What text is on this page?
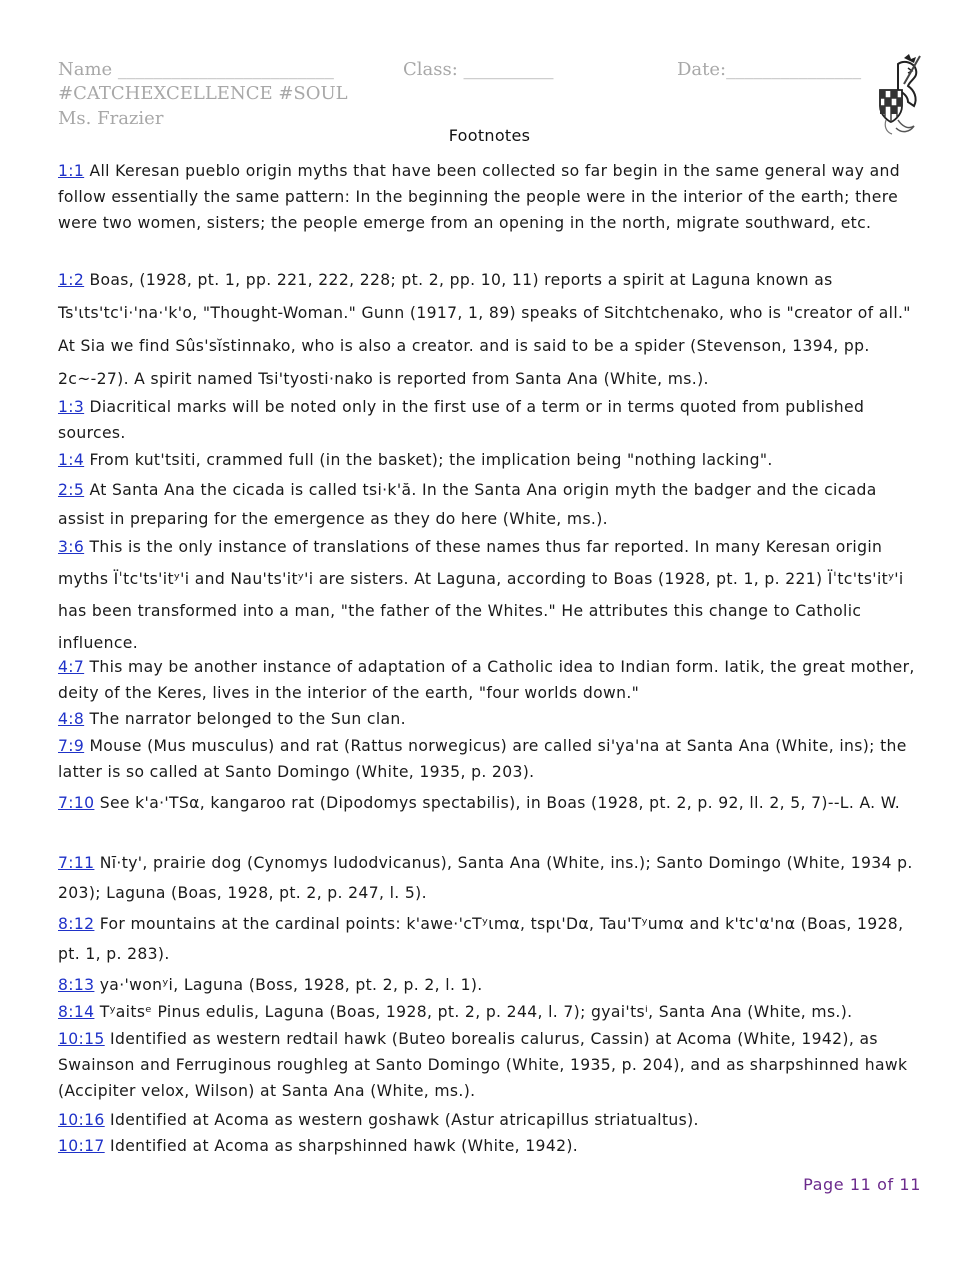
Name ________________________	Class: __________	Date:_______________
#CATCHEXCELLENCE #SOUL
Ms. Frazier
Footnotes
1:1 All Keresan pueblo origin myths that have been collected so far begin in the same general way and follow essentially the same pattern: In the beginning the people were in the interior of the earth; there were two women, sisters; the people emerge from an opening in the north, migrate southward, etc.
1:2 Boas, (1928, pt. 1, pp. 221, 222, 228; pt. 2, pp. 10, 11) reports a spirit at Laguna known as Ts'ɩts'tc'i·'na·'k'o, "Thought-Woman." Gunn (1917, 1, 89) speaks of Sitchtchenako, who is "creator of all." At Sia we find Sûs'sĭstinnako, who is also a creator. and is said to be a spider (Stevenson, 1394, pp. 2c~-27). A spirit named Tsi'tyosti·nako is reported from Santa Ana (White, ms.).
1:3 Diacritical marks will be noted only in the first use of a term or in terms quoted from published sources.
1:4 From kut'tsiti, crammed full (in the basket); the implication being "nothing lacking".
2:5 At Santa Ana the cicada is called tsi·k'ă. In the Santa Ana origin myth the badger and the cicada assist in preparing for the emergence as they do here (White, ms.).
3:6 This is the only instance of translations of these names thus far reported. In many Keresan origin myths Ïˈtc'ts'itʸ'i and Nau'ts'itʸ'i are sisters. At Laguna, according to Boas (1928, pt. 1, p. 221) Ïˈtc'ts'itʸ'i has been transformed into a man, "the father of the Whites." He attributes this change to Catholic influence.
4:7 This may be another instance of adaptation of a Catholic idea to Indian form. Iatik, the great mother, deity of the Keres, lives in the interior of the earth, "four worlds down."
4:8 The narrator belonged to the Sun clan.
7:9 Mouse (Mus musculus) and rat (Rattus norwegicus) are called si'ya'na at Santa Ana (White, ins); the latter is so called at Santo Domingo (White, 1935, p. 203).
7:10 See k'a·'TSα, kangaroo rat (Dipodomys spectabilis), in Boas (1928, pt. 2, p. 92, ll. 2, 5, 7)--L. A. W.
7:11 Nī·ty', prairie dog (Cynomys ludodvicanus), Santa Ana (White, ins.); Santo Domingo (White, 1934 p. 203); Laguna (Boas, 1928, pt. 2, p. 247, l. 5).
8:12 For mountains at the cardinal points: k'awe·'cTʸɩmα, tspɩ'Dα, Tau'Tʸumα and k'tc'α'nα (Boas, 1928, pt. 1, p. 283).
8:13 ya·'wonʸi, Laguna (Boss, 1928, pt. 2, p. 2, l. 1).
8:14 Tʸaitsᵉ Pinus edulis, Laguna (Boas, 1928, pt. 2, p. 244, l. 7); gyai'tsⁱ, Santa Ana (White, ms.).
10:15 Identified as western redtail hawk (Buteo borealis calurus, Cassin) at Acoma (White, 1942), as Swainson and Ferruginous roughleg at Santo Domingo (White, 1935, p. 204), and as sharpshinned hawk (Accipiter velox, Wilson) at Santa Ana (White, ms.).
10:16 Identified at Acoma as western goshawk (Astur atricapillus striatualtus).
10:17 Identified at Acoma as sharpshinned hawk (White, 1942).
Page 11 of 11
